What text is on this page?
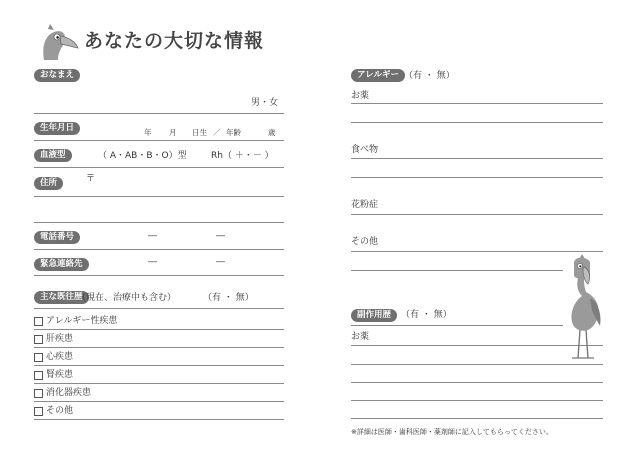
あなたの大切な情報
おなまえ
男・女
生年月日	年 月 日生 ／ 年齢	歳
血液型	（ A・AB・B・O）型	Rh（ ＋・－ ）
住所	〒
電話番号	―	―
緊急連絡先	―	―
主な既往歴
（現在、治療中も含む）	（有 ・ 無）
アレルギー性疾患
肝疾患
心疾患
腎疾患
消化器疾患
その他
アレルギー （有 ・ 無）
お薬
食べ物
花粉症
その他
副作用歴	（有 ・ 無）
お薬
※詳細は医師・歯科医師・薬剤師に記入してもらってください。
